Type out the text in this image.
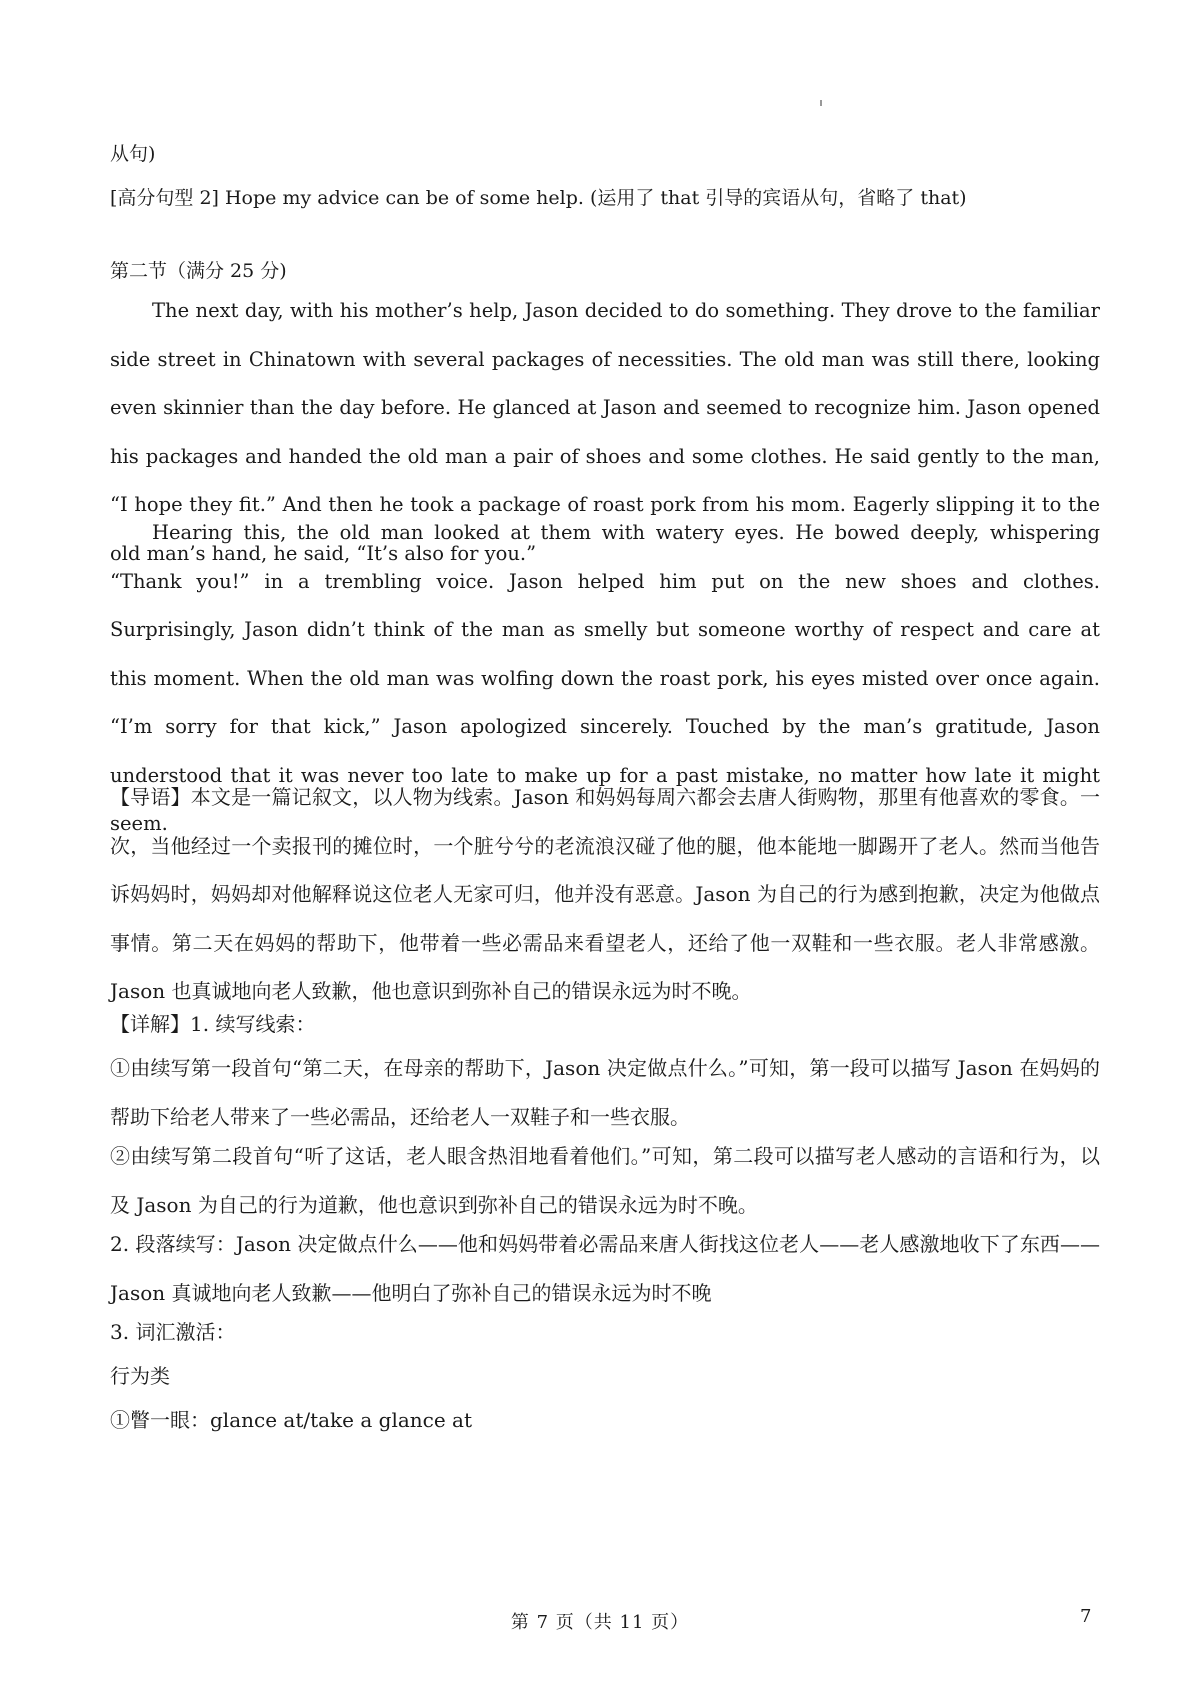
从句)
[高分句型 2] Hope my advice can be of some help. (运用了 that 引导的宾语从句，省略了 that)
第二节（满分 25 分)

The next day, with his mother’s help, Jason decided to do something. They drove to the familiar side street in Chinatown with several packages of necessities. The old man was still there, looking even skinnier than the day before. He glanced at Jason and seemed to recognize him. Jason opened his packages and handed the old man a pair of shoes and some clothes. He said gently to the man, “I hope they fit.” And then he took a package of roast pork from his mom. Eagerly slipping it to the old man’s hand, he said, “It’s also for you.”

Hearing this, the old man looked at them with watery eyes. He bowed deeply, whispering “Thank you!” in a trembling voice. Jason helped him put on the new shoes and clothes. Surprisingly, Jason didn’t think of the man as smelly but someone worthy of respect and care at this moment. When the old man was wolfing down the roast pork, his eyes misted over once again. “I’m sorry for that kick,” Jason apologized sincerely. Touched by the man’s gratitude, Jason understood that it was never too late to make up for a past mistake, no matter how late it might seem.

【导语】本文是一篇记叙文，以人物为线索。Jason 和妈妈每周六都会去唐人街购物，那里有他喜欢的零食。一次，当他经过一个卖报刊的摊位时，一个脏兮兮的老流浪汉碰了他的腿，他本能地一脚踢开了老人。然而当他告诉妈妈时，妈妈却对他解释说这位老人无家可归，他并没有恶意。Jason 为自己的行为感到抱歉，决定为他做点事情。第二天在妈妈的帮助下，他带着一些必需品来看望老人，还给了他一双鞋和一些衣服。老人非常感激。Jason 也真诚地向老人致歉，他也意识到弥补自己的错误永远为时不晚。

【详解】1. 续写线索：

①由续写第一段首句“第二天，在母亲的帮助下，Jason 决定做点什么。”可知，第一段可以描写 Jason 在妈妈的帮助下给老人带来了一些必需品，还给老人一双鞋子和一些衣服。

②由续写第二段首句“听了这话，老人眼含热泪地看着他们。”可知，第二段可以描写老人感动的言语和行为，以及 Jason 为自己的行为道歉，他也意识到弥补自己的错误永远为时不晚。

2. 段落续写：Jason 决定做点什么——他和妈妈带着必需品来唐人街找这位老人——老人感激地收下了东西——Jason 真诚地向老人致歉——他明白了弥补自己的错误永远为时不晚

3. 词汇激活：

行为类

①瞥一眼：glance at/take a glance at

第 7 页（共 11 页）	7
